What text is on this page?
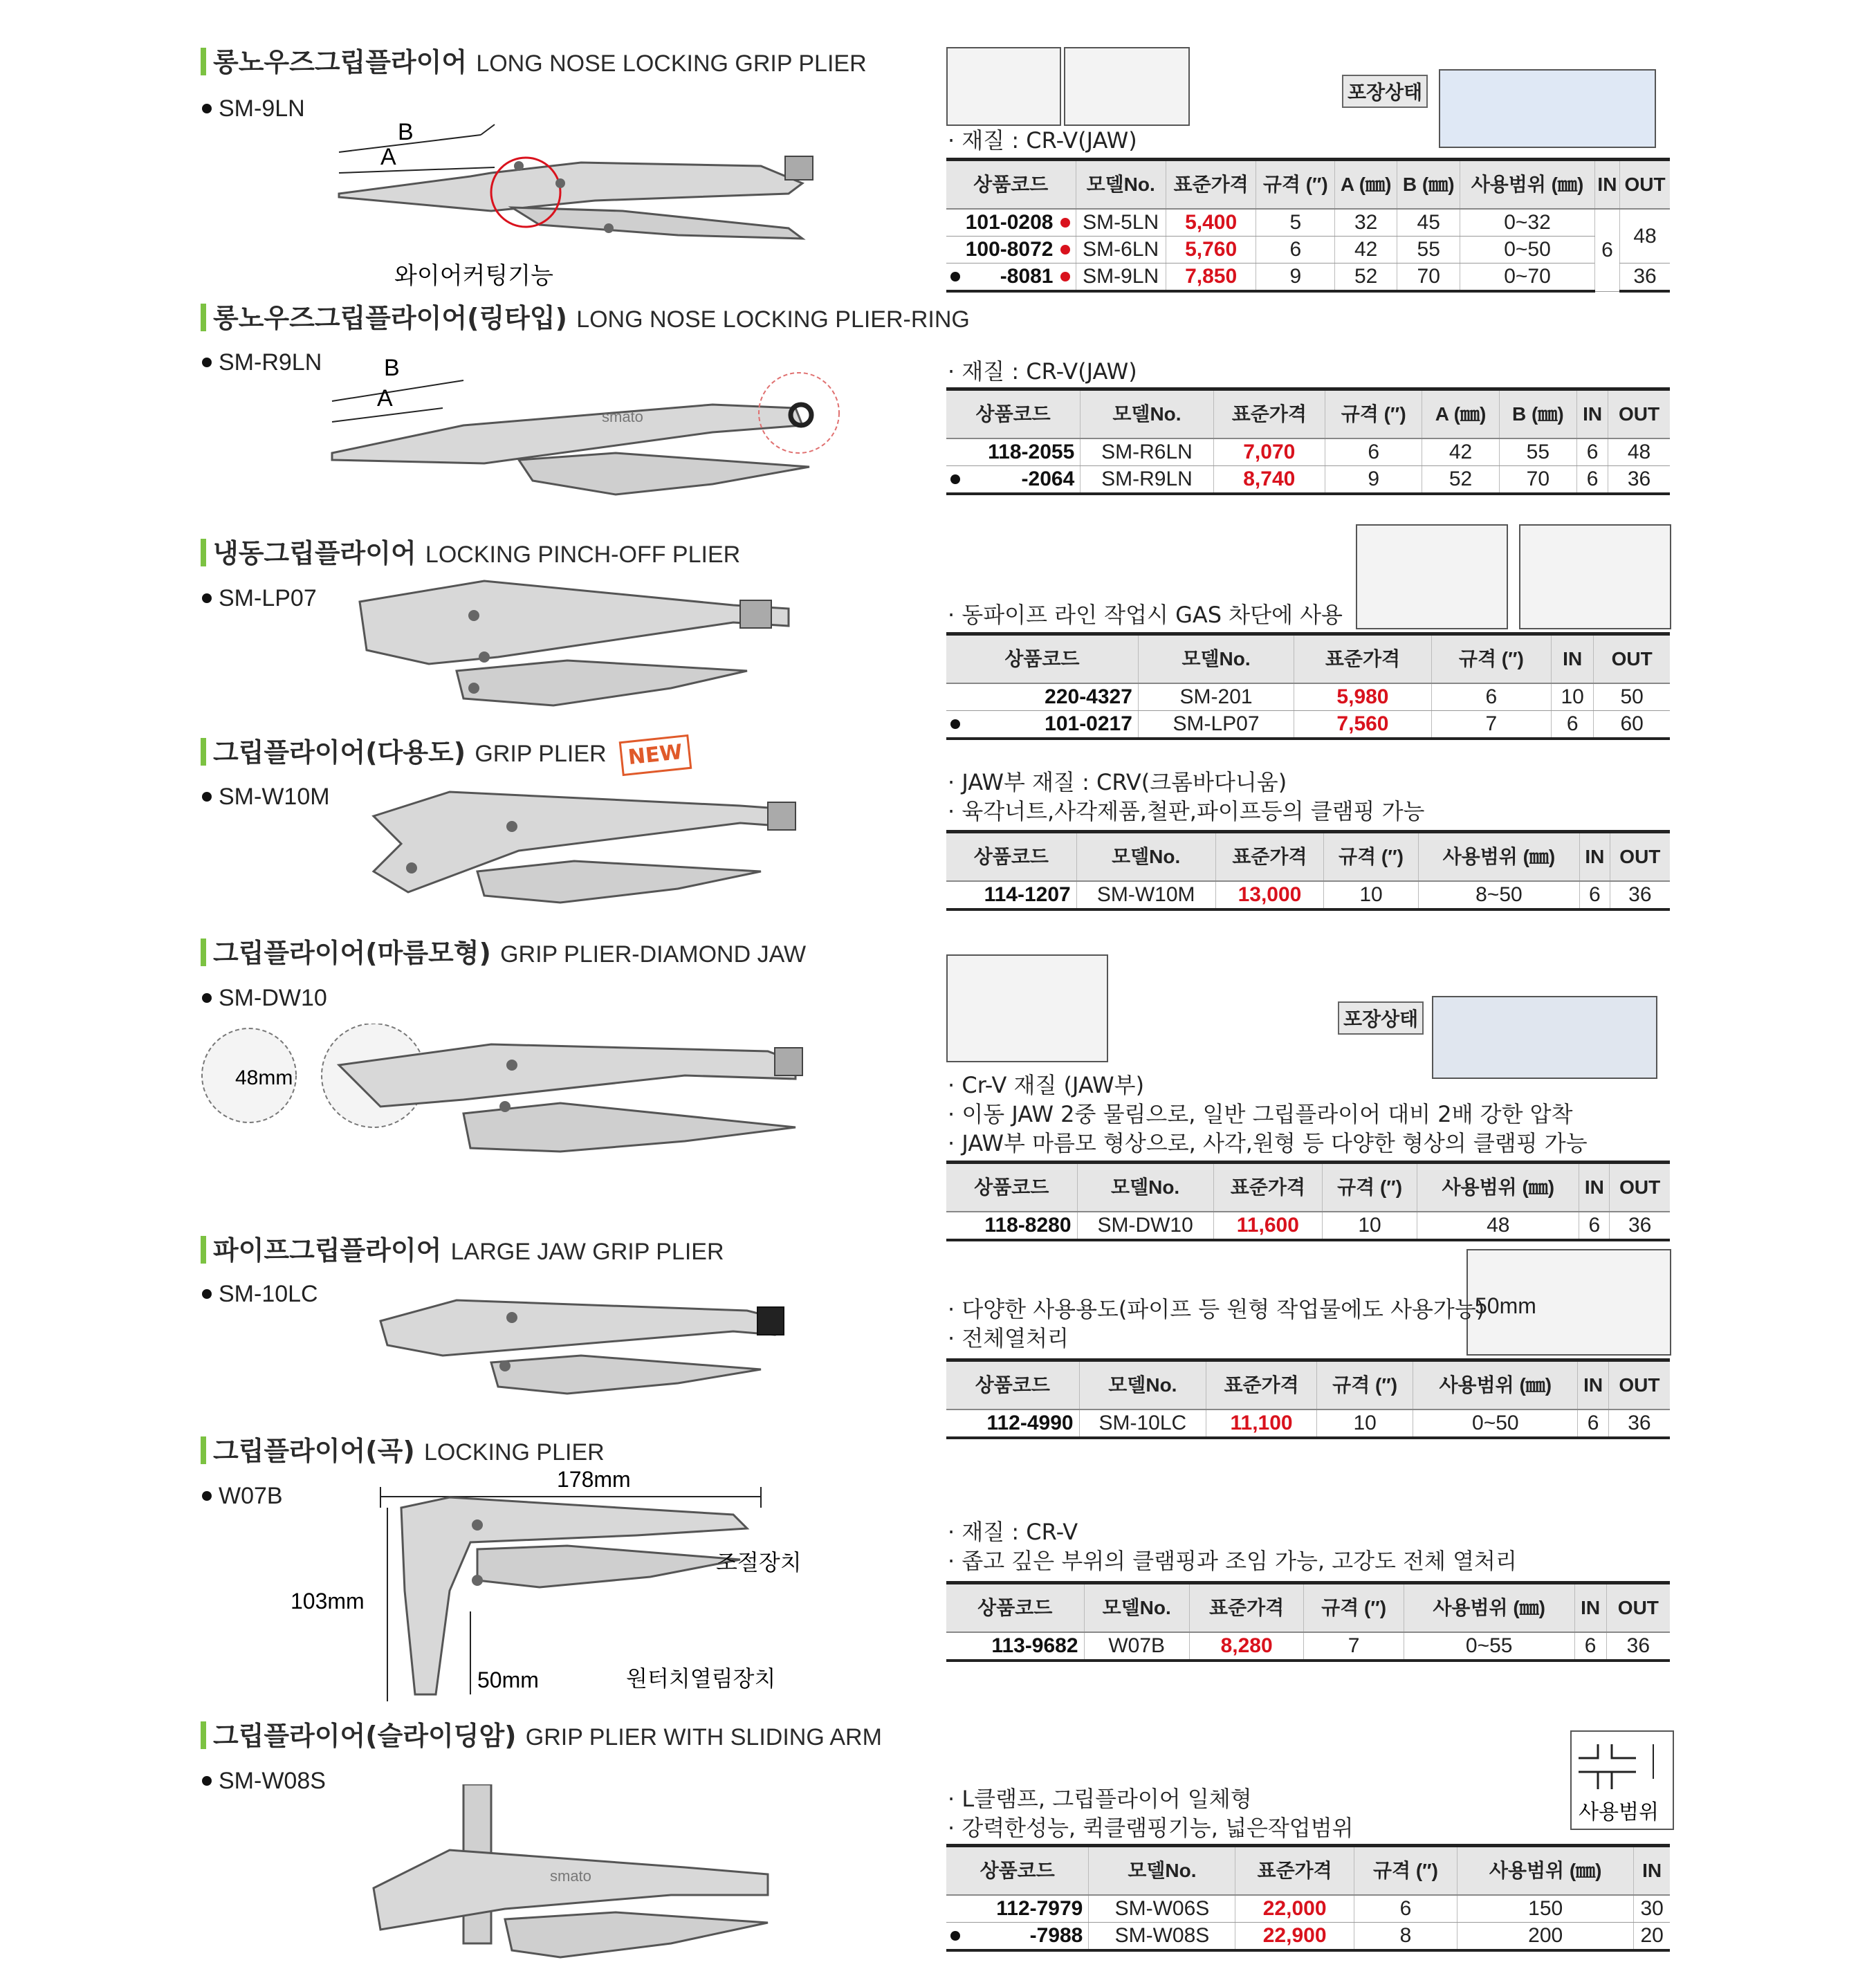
롱노우즈그립플라이어 LONG NOSE LOCKING GRIP PLIER
SM-9LN
B
A
와이어커팅기능
포장상태
· 재질 : CR-V(JAW)
상품코드	모델No.	표준가격	규격 (″)	A (㎜)	B (㎜)	사용범위 (㎜)	IN	OUT
101-0208	SM-5LN	5,400	5	32	45	0~32	6	48
100-8072	SM-6LN	5,760	6	42	55	0~50		

-8081	SM-9LN	7,850	9	52	70	0~70		36
롱노우즈그립플라이어(링타입) LONG NOSE LOCKING PLIER-RING
SM-R9LN
smato
B
A
· 재질 : CR-V(JAW)
상품코드	모델No.	표준가격	규격 (″)	A (㎜)	B (㎜)	IN	OUT
118-2055	SM-R6LN	7,070	6	42	55	6	48

-2064	SM-R9LN	8,740	9	52	70	6	36
냉동그립플라이어 LOCKING PINCH-OFF PLIER
SM-LP07
· 동파이프 라인 작업시 GAS 차단에 사용
상품코드	모델No.	표준가격	규격 (″)	IN	OUT
220-4327	SM-201	5,980	6	10	50

101-0217	SM-LP07	7,560	7	6	60
그립플라이어(다용도) GRIP PLIER NEW
SM-W10M
· JAW부 재질 : CRV(크롬바다니움)
· 육각너트,사각제품,철판,파이프등의 클램핑 가능
상품코드	모델No.	표준가격	규격 (″)	사용범위 (㎜)	IN	OUT
114-1207	SM-W10M	13,000	10	8~50	6	36
그립플라이어(마름모형) GRIP PLIER-DIAMOND JAW
SM-DW10
48mm
포장상태
· Cr-V 재질 (JAW부)
· 이동 JAW 2중 물림으로, 일반 그립플라이어 대비 2배 강한 압착
· JAW부 마름모 형상으로, 사각,원형 등 다양한 형상의 클램핑 가능
상품코드	모델No.	표준가격	규격 (″)	사용범위 (㎜)	IN	OUT
118-8280	SM-DW10	11,600	10	48	6	36
파이프그립플라이어 LARGE JAW GRIP PLIER
SM-10LC	50mm
· 다양한 사용용도(파이프 등 원형 작업물에도 사용가능)
· 전체열처리
상품코드	모델No.	표준가격	규격 (″)	사용범위 (㎜)	IN	OUT
112-4990	SM-10LC	11,100	10	0~50	6	36
그립플라이어(곡) LOCKING PLIER
W07B
178mm
103mm
50mm
조절장치
원터치열림장치
· 재질 : CR-V
· 좁고 깊은 부위의 클램핑과 조임 가능, 고강도 전체 열처리
상품코드	모델No.	표준가격	규격 (″)	사용범위 (㎜)	IN	OUT
113-9682	W07B	8,280	7	0~55	6	36
그립플라이어(슬라이딩암) GRIP PLIER WITH SLIDING ARM
SM-W08S
smato
사용범위
· L클램프, 그립플라이어 일체형
· 강력한성능, 퀵클램핑기능, 넓은작업범위
상품코드	모델No.	표준가격	규격 (″)	사용범위 (㎜)	IN
112-7979	SM-W06S	22,000	6	150	30

-7988	SM-W08S	22,900	8	200	20
